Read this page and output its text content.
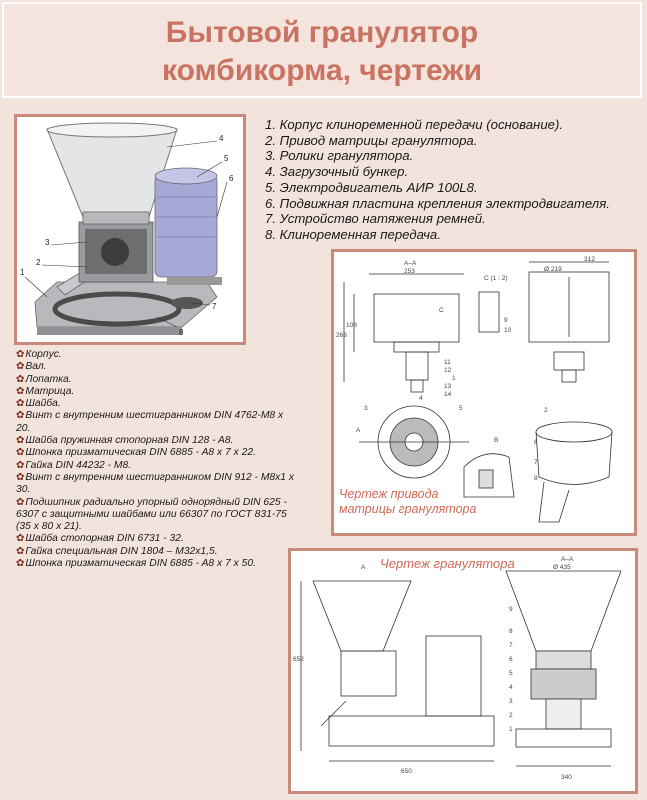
Бытовой гранулятор
комбикорма, чертежи
1
2
3
4
5
6
7
8
1. Корпус клиноременной передачи (основание).
2. Привод матрицы гранулятора.
3. Ролики гранулятора.
4. Загрузочный бункер.
5. Электродвигатель АИР 100L8.
6. Подвижная пластина крепления электродвигателя.
7. Устройство натяжения ремней.
8. Клиноременная передача.
✿ Корпус.
✿ Вал.
✿ Лопатка.
✿ Матрица.
✿ Шайба.
✿ Винт с внутренним шестигранником DIN 4762-M8 x 20.
✿ Шайба пружинная стопорная DIN 128 - A8.
✿ Шпонка призматическая DIN 6885 - A8 x 7 x 22.
✿ Гайка DIN 44232 - M8.
✿ Винт с внутренним шестигранником DIN 912 - M8x1 x 30.
✿ Подшипник радиально упорный однорядный DIN 625 - 6307 с защитными шайбами или 66307 по ГОСТ 831-75 (35 x 80 x 21).
✿ Шайба стопорная DIN 6731 - 32.
✿ Гайка специальная DIN 1804 – M32x1,5.
✿ Шпонка призматическая DIN 6885 - A8 x 7 x 50.
A–A
253
C (1 : 2)
312
Ø 219
268
108
B
A
C
3	2
1
11
12
13
14
5
6
7
8
9
10
4
Чертеж привода матрицы гранулятора
A–A
Ø 435
652
650
340
A
9
8
7
6
5
4
3
2
1
Чертеж гранулятора
